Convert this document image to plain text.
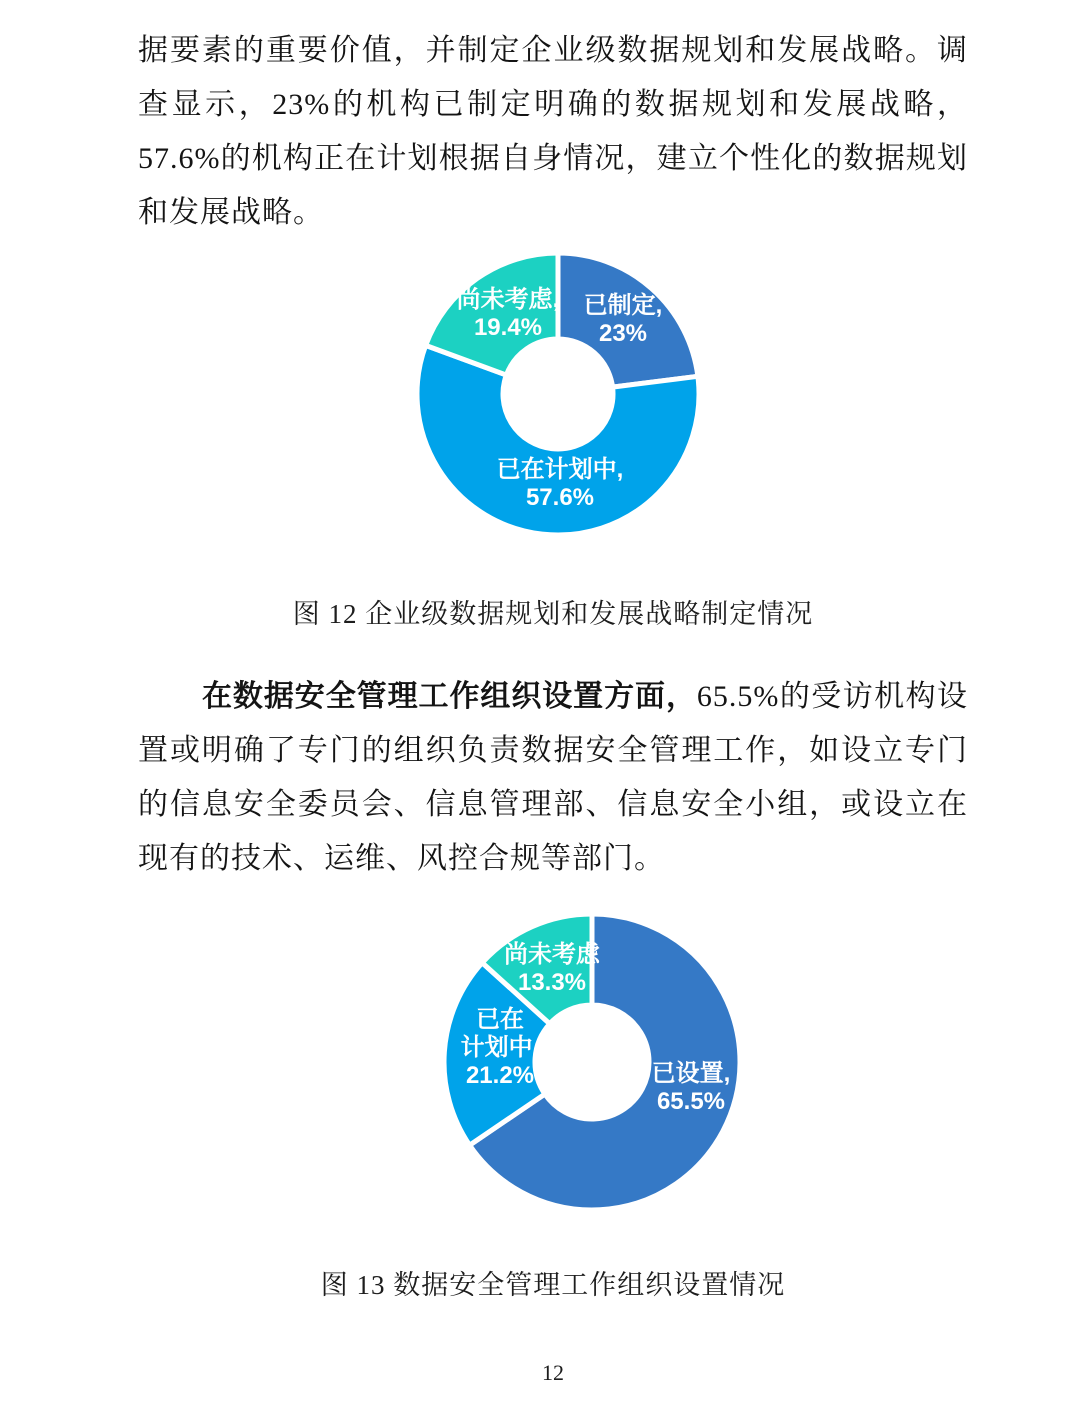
据要素的重要价值，并制定企业级数据规划和发展战略。调查显示，23%的机构已制定明确的数据规划和发展战略，57.6%的机构正在计划根据自身情况，建立个性化的数据规划和发展战略。

已制定,
23%
已在计划中,
57.6%
尚未考虑,
19.4%

图 12 企业级数据规划和发展战略制定情况

在数据安全管理工作组织设置方面，65.5%的受访机构设置或明确了专门的组织负责数据安全管理工作，如设立专门的信息安全委员会、信息管理部、信息安全小组，或设立在现有的技术、运维、风控合规等部门。

已设置,
65.5%
已在
计划中,
21.2%
尚未考虑
13.3%

图 13 数据安全管理工作组织设置情况

12
